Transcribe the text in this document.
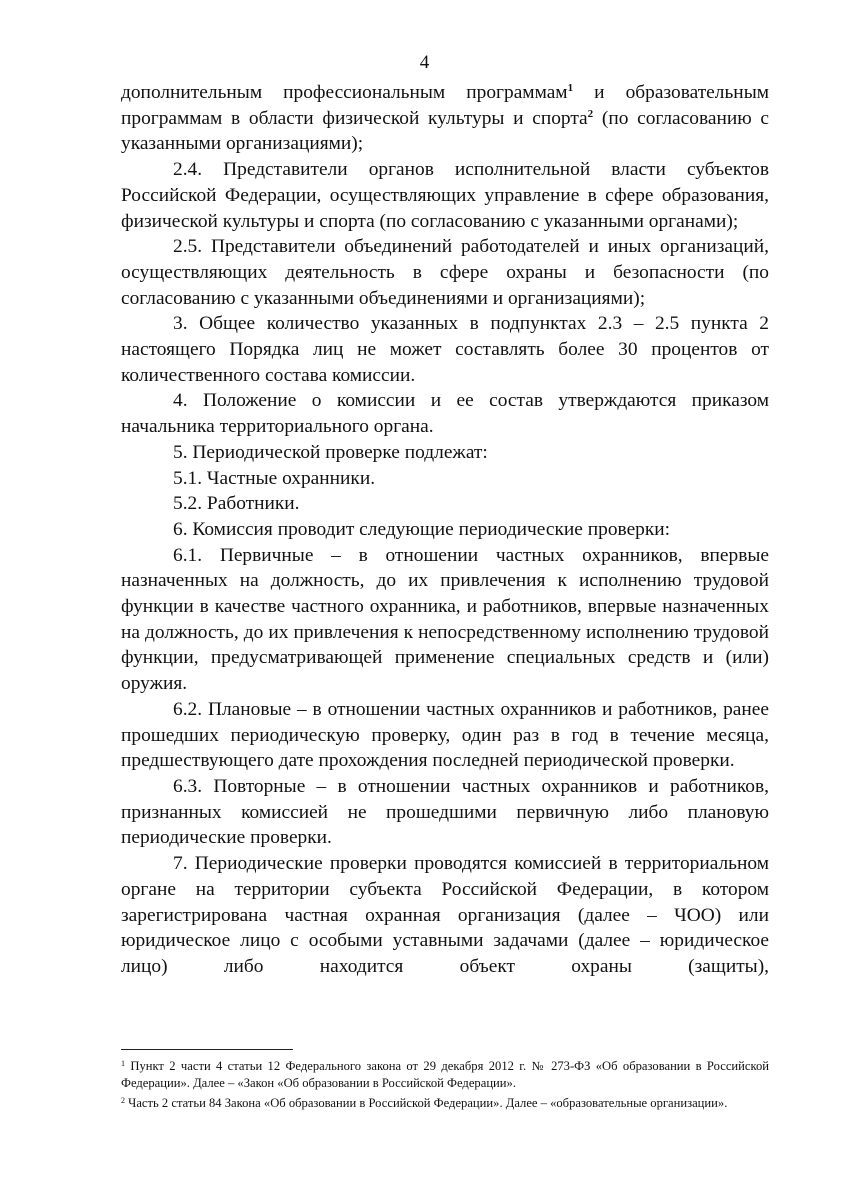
4

дополнительным профессиональным программам$^1$ и образовательным программам в области физической культуры и спорта$^2$ (по согласованию с указанными организациями);

2.4. Представители органов исполнительной власти субъектов Российской Федерации, осуществляющих управление в сфере образования, физической культуры и спорта (по согласованию с указанными органами);

2.5. Представители объединений работодателей и иных организаций, осуществляющих деятельность в сфере охраны и безопасности (по согласованию с указанными объединениями и организациями);

3. Общее количество указанных в подпунктах 2.3 – 2.5 пункта 2 настоящего Порядка лиц не может составлять более 30 процентов от количественного состава комиссии.

4. Положение о комиссии и ее состав утверждаются приказом начальника территориального органа.

5. Периодической проверке подлежат:

5.1. Частные охранники.

5.2. Работники.

6. Комиссия проводит следующие периодические проверки:

6.1. Первичные – в отношении частных охранников, впервые назначенных на должность, до их привлечения к исполнению трудовой функции в качестве частного охранника, и работников, впервые назначенных на должность, до их привлечения к непосредственному исполнению трудовой функции, предусматривающей применение специальных средств и (или) оружия.

6.2. Плановые – в отношении частных охранников и работников, ранее прошедших периодическую проверку, один раз в год в течение месяца, предшествующего дате прохождения последней периодической проверки.

6.3. Повторные – в отношении частных охранников и работников, признанных комиссией не прошедшими первичную либо плановую периодические проверки.

7. Периодические проверки проводятся комиссией в территориальном органе на территории субъекта Российской Федерации, в котором зарегистрирована частная охранная организация (далее – ЧОО) или юридическое лицо с особыми уставными задачами (далее – юридическое лицо) либо находится объект охраны (защиты),

$^1$ Пункт 2 части 4 статьи 12 Федерального закона от 29 декабря 2012 г. № 273-ФЗ «Об образовании в Российской Федерации». Далее – «Закон «Об образовании в Российской Федерации».

$^2$ Часть 2 статьи 84 Закона «Об образовании в Российской Федерации». Далее – «образовательные организации».
